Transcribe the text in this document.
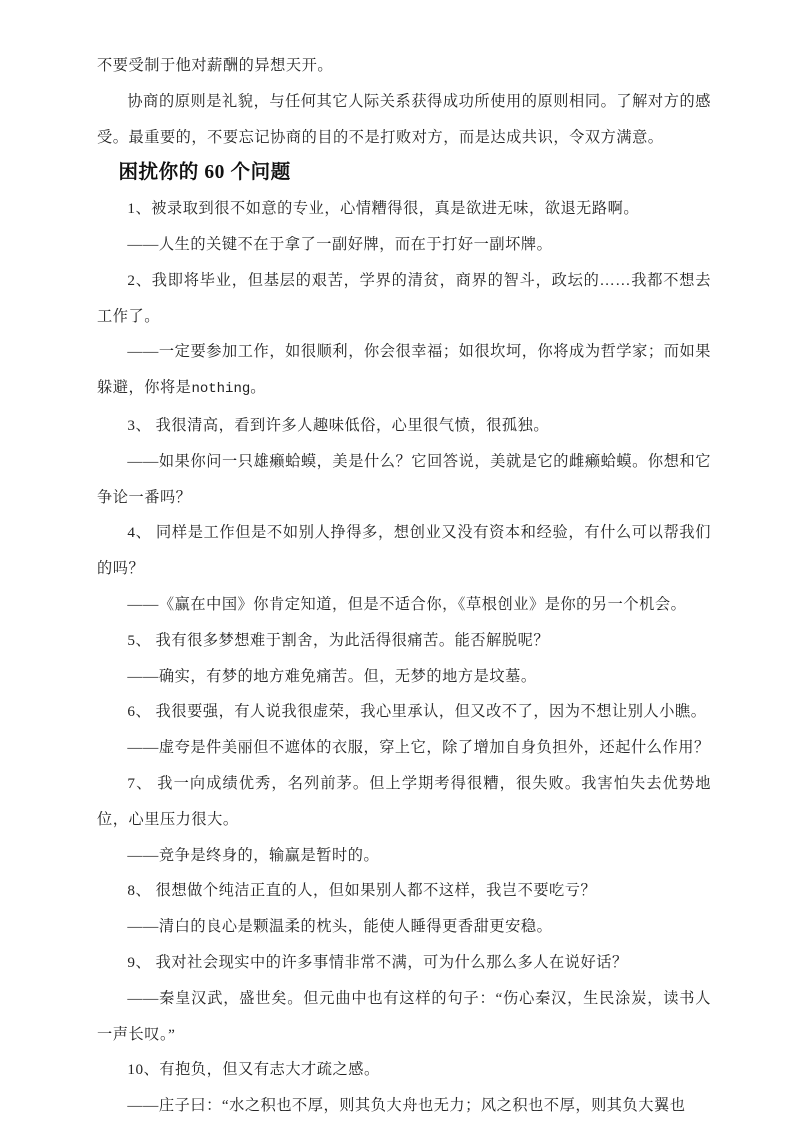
不要受制于他对薪酬的异想天开。

协商的原则是礼貌，与任何其它人际关系获得成功所使用的原则相同。了解对方的感受。最重要的，不要忘记协商的目的不是打败对方，而是达成共识，令双方满意。

困扰你的 60 个问题

1、被录取到很不如意的专业，心情糟得很，真是欲进无味，欲退无路啊。

——人生的关键不在于拿了一副好牌，而在于打好一副坏牌。

2、我即将毕业，但基层的艰苦，学界的清贫，商界的智斗，政坛的……我都不想去工作了。

——一定要参加工作，如很顺利，你会很幸福；如很坎坷，你将成为哲学家；而如果躲避，你将是nothing。

3、 我很清高，看到许多人趣味低俗，心里很气愤，很孤独。

——如果你问一只雄癞蛤蟆，美是什么？它回答说，美就是它的雌癞蛤蟆。你想和它争论一番吗？

4、 同样是工作但是不如别人挣得多，想创业又没有资本和经验，有什么可以帮我们的吗？

——《赢在中国》你肯定知道，但是不适合你，《草根创业》是你的另一个机会。

5、 我有很多梦想难于割舍，为此活得很痛苦。能否解脱呢？

——确实，有梦的地方难免痛苦。但，无梦的地方是坟墓。

6、 我很要强，有人说我很虚荣，我心里承认，但又改不了，因为不想让别人小瞧。

——虚夸是件美丽但不遮体的衣服，穿上它，除了增加自身负担外，还起什么作用？

7、 我一向成绩优秀，名列前茅。但上学期考得很糟，很失败。我害怕失去优势地位，心里压力很大。

——竞争是终身的，输赢是暂时的。

8、 很想做个纯洁正直的人，但如果别人都不这样，我岂不要吃亏？

——清白的良心是颗温柔的枕头，能使人睡得更香甜更安稳。

9、 我对社会现实中的许多事情非常不满，可为什么那么多人在说好话？

——秦皇汉武，盛世矣。但元曲中也有这样的句子：“伤心秦汉，生民涂炭，读书人一声长叹。”

10、有抱负，但又有志大才疏之感。

——庄子曰：“水之积也不厚，则其负大舟也无力；风之积也不厚，则其负大翼也
